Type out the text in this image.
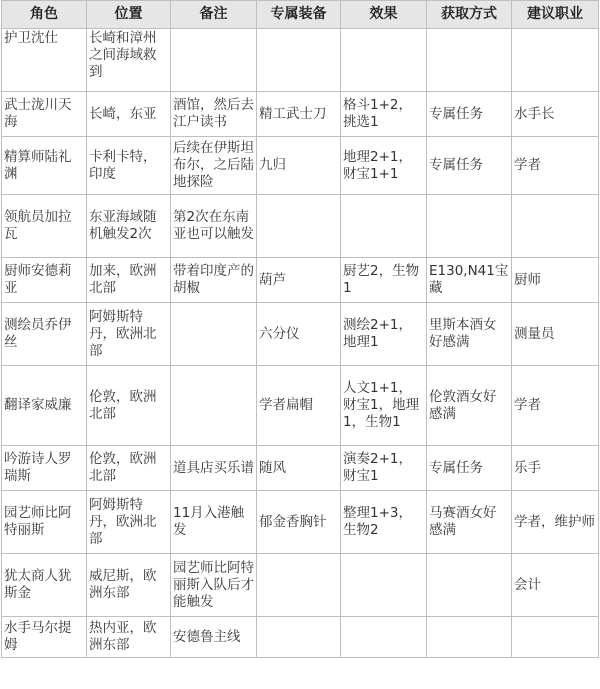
角色	位置	备注	专属装备	效果	获取方式	建议职业
护卫沈仕	长崎和漳州之间海域救到					
武士泷川天海	长崎，东亚	酒馆，然后去江户读书	精工武士刀	格斗1+2，挑选1	专属任务	水手长
精算师陆礼渊	卡利卡特，印度	后续在伊斯坦布尔，之后陆地探险	九归	地理2+1，财宝1+1	专属任务	学者
领航员加拉瓦	东亚海域随机触发2次	第2次在东南亚也可以触发				
厨师安德莉亚	加来，欧洲北部	带着印度产的胡椒	葫芦	厨艺2，生物1	E130,N41宝藏	厨师
测绘员乔伊丝	阿姆斯特丹，欧洲北部		六分仪	测绘2+1，地理1	里斯本酒女好感满	测量员
翻译家威廉	伦敦，欧洲北部		学者扁帽	人文1+1，财宝1，地理1，生物1	伦敦酒女好感满	学者
吟游诗人罗瑞斯	伦敦，欧洲北部	道具店买乐谱	随风	演奏2+1，财宝1	专属任务	乐手
园艺师比阿特丽斯	阿姆斯特丹，欧洲北部	11月入港触发	郁金香胸针	整理1+3，生物2	马赛酒女好感满	学者，维护师
犹太商人犹斯金	威尼斯，欧洲东部	园艺师比阿特丽斯入队后才能触发				会计
水手马尔提姆	热内亚，欧洲东部	安德鲁主线				
